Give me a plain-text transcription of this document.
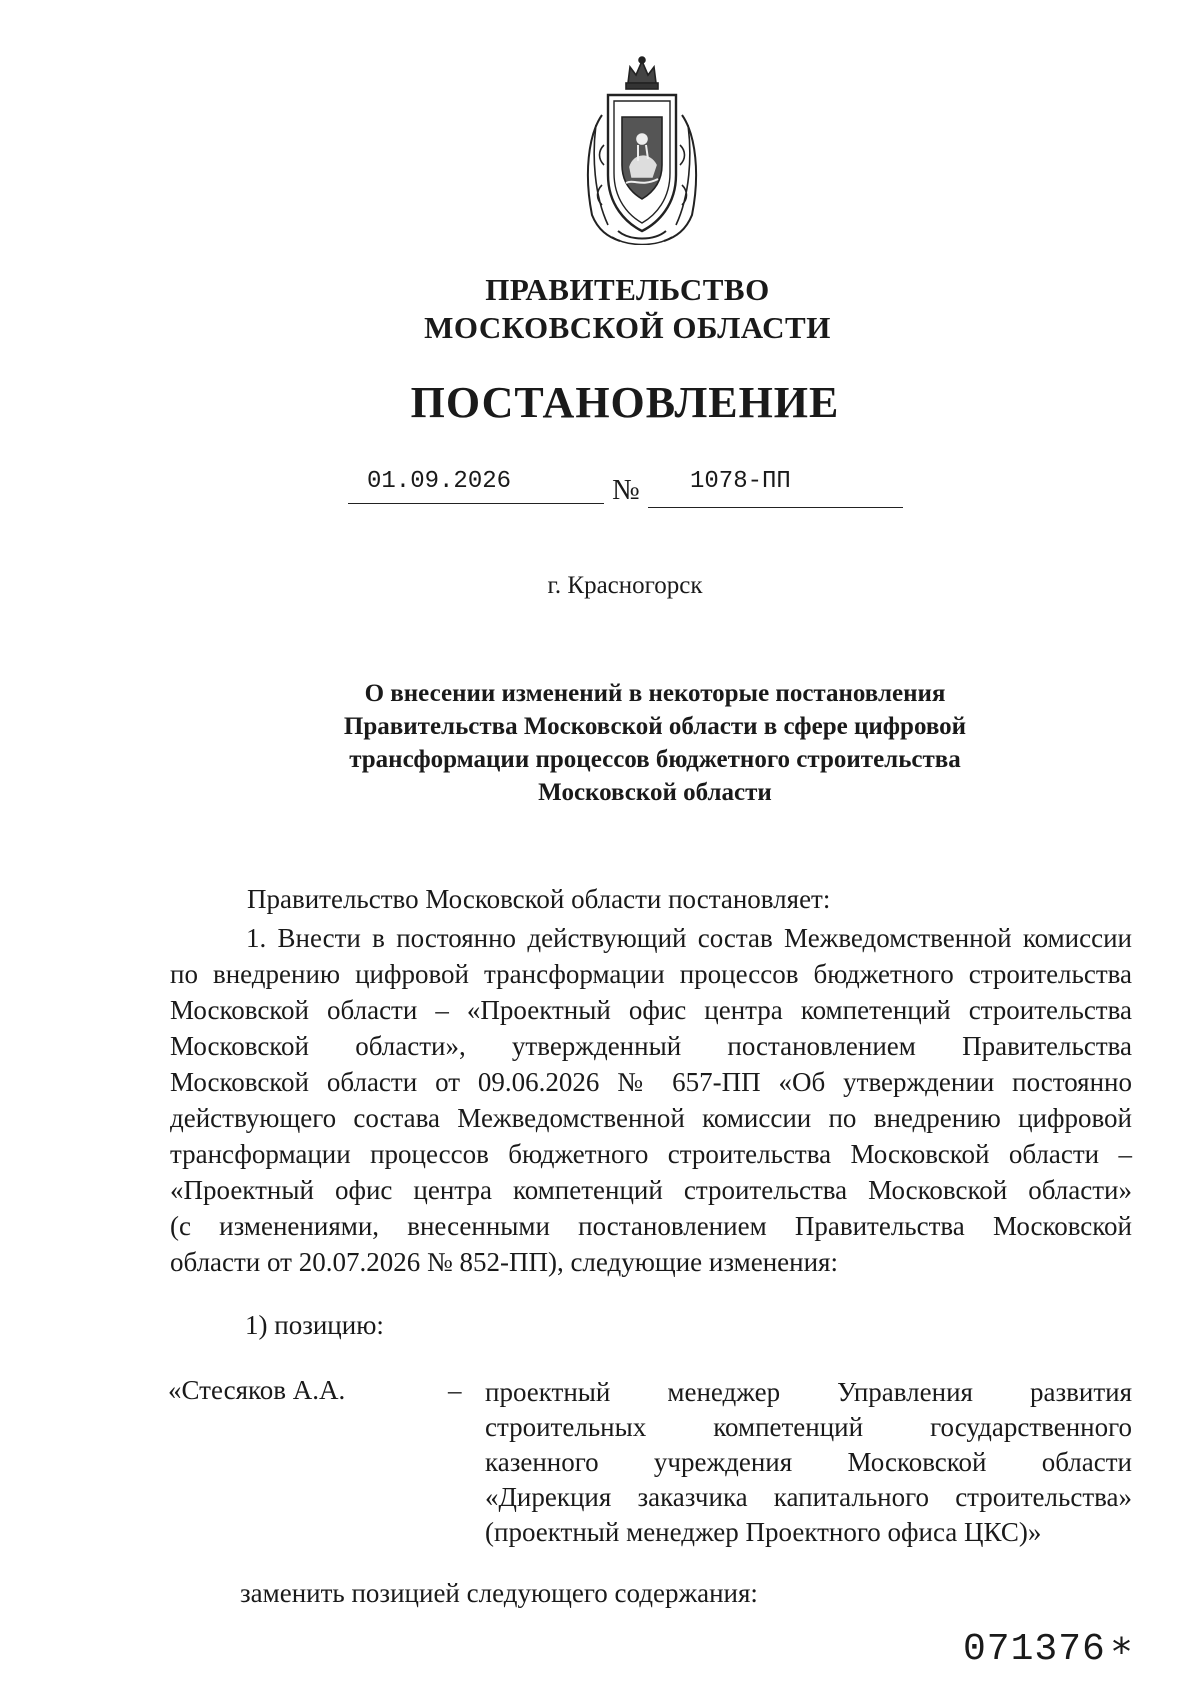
ПРАВИТЕЛЬСТВО
МОСКОВСКОЙ ОБЛАСТИ
ПОСТАНОВЛЕНИЕ
01.09.2026	№ 1078-ПП
г. Красногорск
О внесении изменений в некоторые постановления
Правительства Московской области в сфере цифровой
трансформации процессов бюджетного строительства
Московской области
Правительство Московской области постановляет:
1. Внести в постоянно действующий состав Межведомственной комиссии
по внедрению цифровой трансформации процессов бюджетного строительства
Московской области – «Проектный офис центра компетенций строительства
Московской области», утвержденный постановлением Правительства
Московской области от 09.06.2026 № 657-ПП «Об утверждении постоянно
действующего состава Межведомственной комиссии по внедрению цифровой
трансформации процессов бюджетного строительства Московской области –
«Проектный офис центра компетенций строительства Московской области»
(с изменениями, внесенными постановлением Правительства Московской
области от 20.07.2026 № 852-ПП), следующие изменения:
1) позицию:
«Стесяков А.А.	– проектный менеджер Управления развития
строительных компетенций государственного
казенного учреждения Московской области
«Дирекция заказчика капитального строительства»
(проектный менеджер Проектного офиса ЦКС)»
заменить позицией следующего содержания:
071376 *
